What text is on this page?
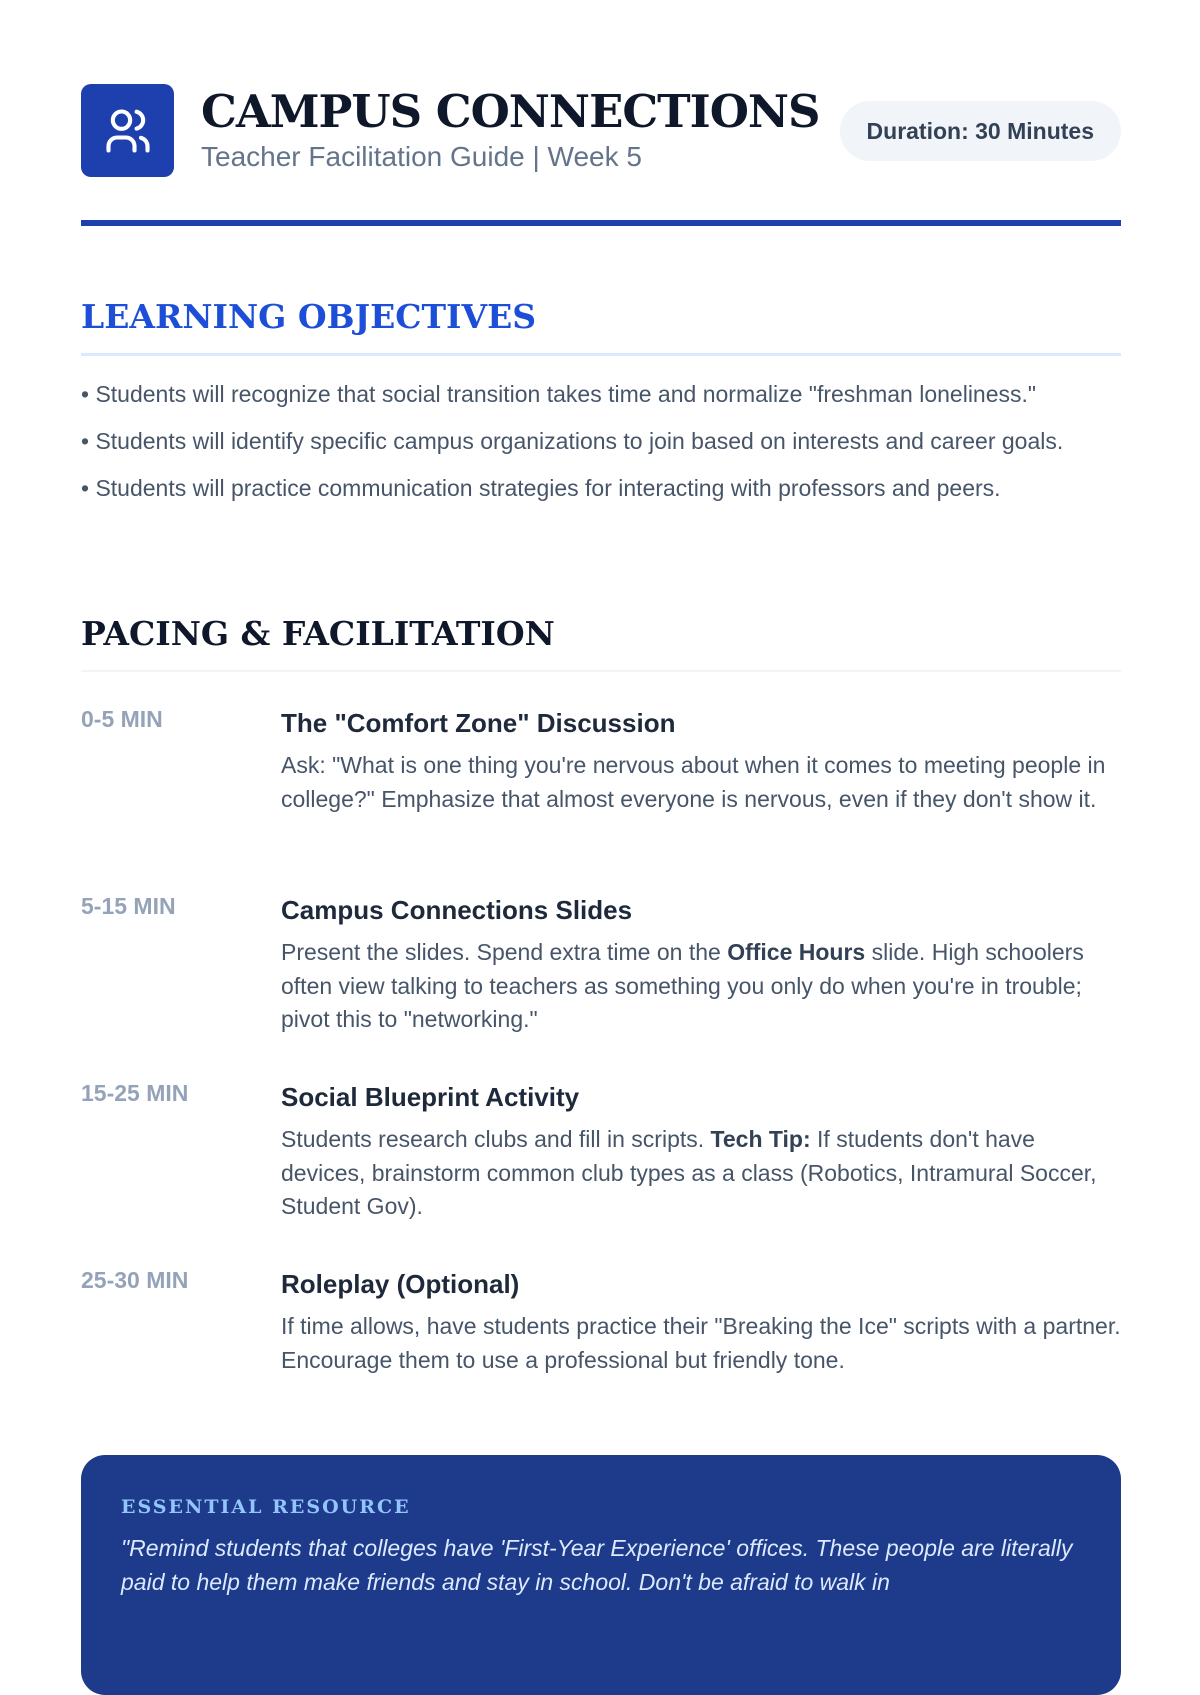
CAMPUS CONNECTIONS
Teacher Facilitation Guide | Week 5
Duration: 30 Minutes
LEARNING OBJECTIVES
• Students will recognize that social transition takes time and normalize "freshman loneliness."
• Students will identify specific campus organizations to join based on interests and career goals.
• Students will practice communication strategies for interacting with professors and peers.
PACING & FACILITATION
0-5 MIN	The "Comfort Zone" Discussion

Ask: "What is one thing you're nervous about when it comes to meeting people in college?" Emphasize that almost everyone is nervous, even if they don't show it.

5-15 MIN	Campus Connections Slides

Present the slides. Spend extra time on the Office Hours slide. High schoolers often view talking to teachers as something you only do when you're in trouble; pivot this to "networking."

15-25 MIN	Social Blueprint Activity

Students research clubs and fill in scripts. Tech Tip: If students don't have devices, brainstorm common club types as a class (Robotics, Intramural Soccer, Student Gov).

25-30 MIN	Roleplay (Optional)

If time allows, have students practice their "Breaking the Ice" scripts with a partner. Encourage them to use a professional but friendly tone.

ESSENTIAL RESOURCE
"Remind students that colleges have 'First-Year Experience' offices. These people are literally paid to help them make friends and stay in school. Don't be afraid to walk in
